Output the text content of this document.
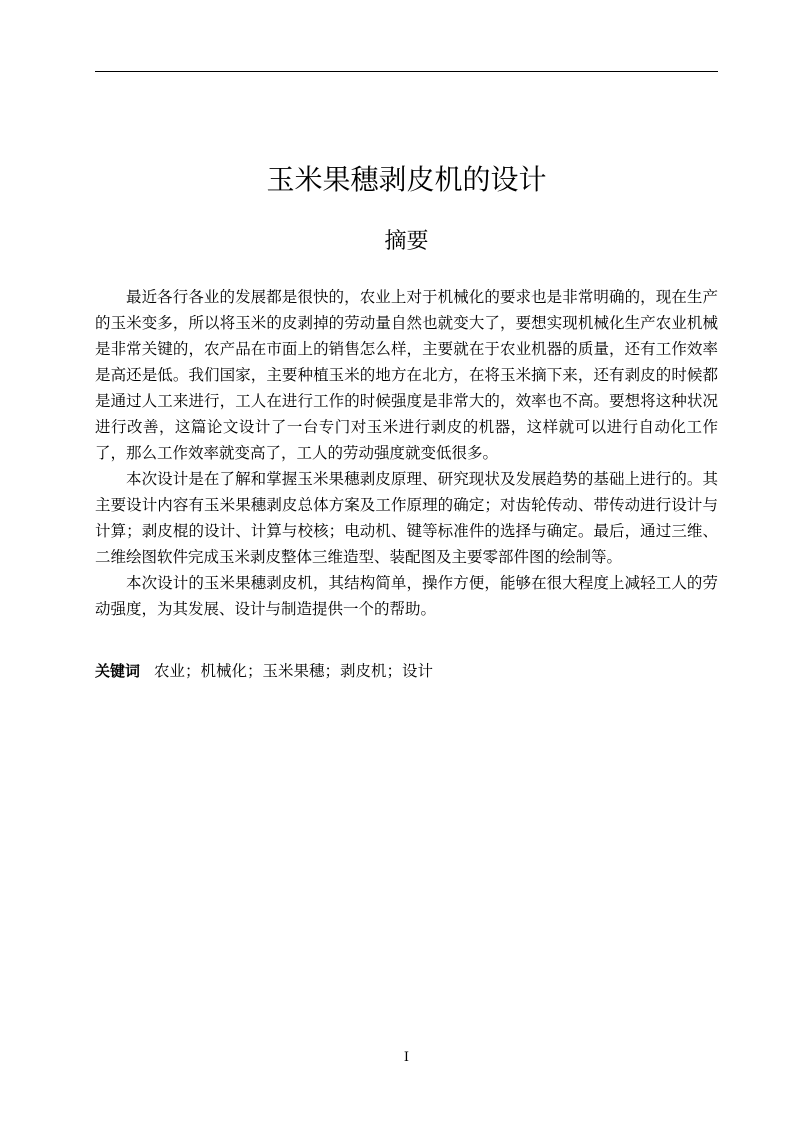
玉米果穗剥皮机的设计
摘要

最近各行各业的发展都是很快的，农业上对于机械化的要求也是非常明确的，现在生产的玉米变多，所以将玉米的皮剥掉的劳动量自然也就变大了，要想实现机械化生产农业机械是非常关键的，农产品在市面上的销售怎么样，主要就在于农业机器的质量，还有工作效率是高还是低。我们国家，主要种植玉米的地方在北方，在将玉米摘下来，还有剥皮的时候都是通过人工来进行，工人在进行工作的时候强度是非常大的，效率也不高。要想将这种状况进行改善，这篇论文设计了一台专门对玉米进行剥皮的机器，这样就可以进行自动化工作了，那么工作效率就变高了，工人的劳动强度就变低很多。

本次设计是在了解和掌握玉米果穗剥皮原理、研究现状及发展趋势的基础上进行的。其主要设计内容有玉米果穗剥皮总体方案及工作原理的确定；对齿轮传动、带传动进行设计与计算；剥皮棍的设计、计算与校核；电动机、键等标准件的选择与确定。最后，通过三维、二维绘图软件完成玉米剥皮整体三维造型、装配图及主要零部件图的绘制等。

本次设计的玉米果穗剥皮机，其结构简单，操作方便，能够在很大程度上减轻工人的劳动强度，为其发展、设计与制造提供一个的帮助。

关键词 农业；机械化；玉米果穗；剥皮机；设计

I
